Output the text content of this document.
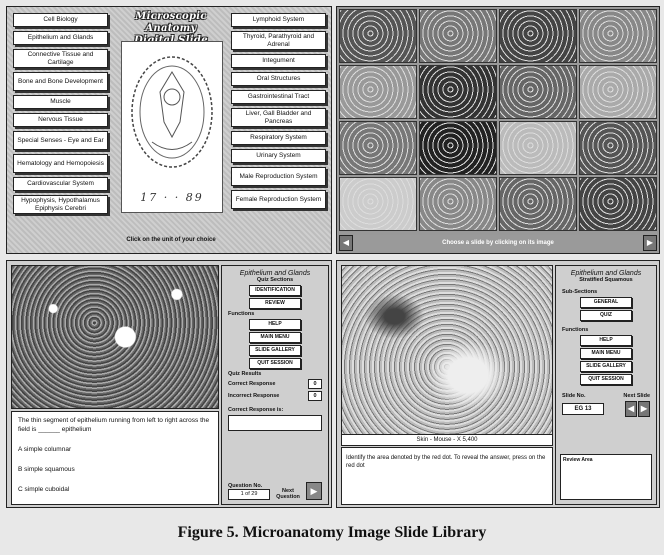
Cell Biology
Epithelium and Glands
Connective Tissue and Cartilage
Bone and Bone Development
Muscle
Nervous Tissue
Special Senses - Eye and Ear
Hematology and Hemopoiesis
Cardiovascular System
Hypophysis, Hypothalamus Epiphysis Cerebri
Microscopic Anatomy
17 · · 89
Click on the unit of your choice
Lymphoid System
Thyroid, Parathyroid and Adrenal
Integument
Oral Structures
Gastrointestinal Tract
Liver, Gall Bladder and Pancreas
Respiratory System
Urinary System
Male Reproduction System
Female Reproduction System
◀	Choose a slide by clicking on its image	▶
The thin segment of epithelium running from left to right across the field is ______ epithelium
A simple columnar
B simple squamous
C simple cuboidal
Epithelium and Glands
Quiz Sections
IDENTIFICATION
REVIEW
Functions
HELP
MAIN MENU
SLIDE GALLERY
QUIT SESSION
Quiz Results
Correct Response	0
Incorrect Response	0
Correct Response is:
Question No.
1 of 29	Next Question
▶
Skin - Mouse - X 5,400
Identify the area denoted by the red dot. To reveal the answer, press on the red dot
Epithelium and Glands
Stratified Squamous
Sub-Sections
GENERAL
QUIZ
Functions
HELP
MAIN MENU
SLIDE GALLERY
QUIT SESSION
Slide No.	Next Slide
EG 13	◀ ▶
Review Area
Figure 5. Microanatomy Image Slide Library
